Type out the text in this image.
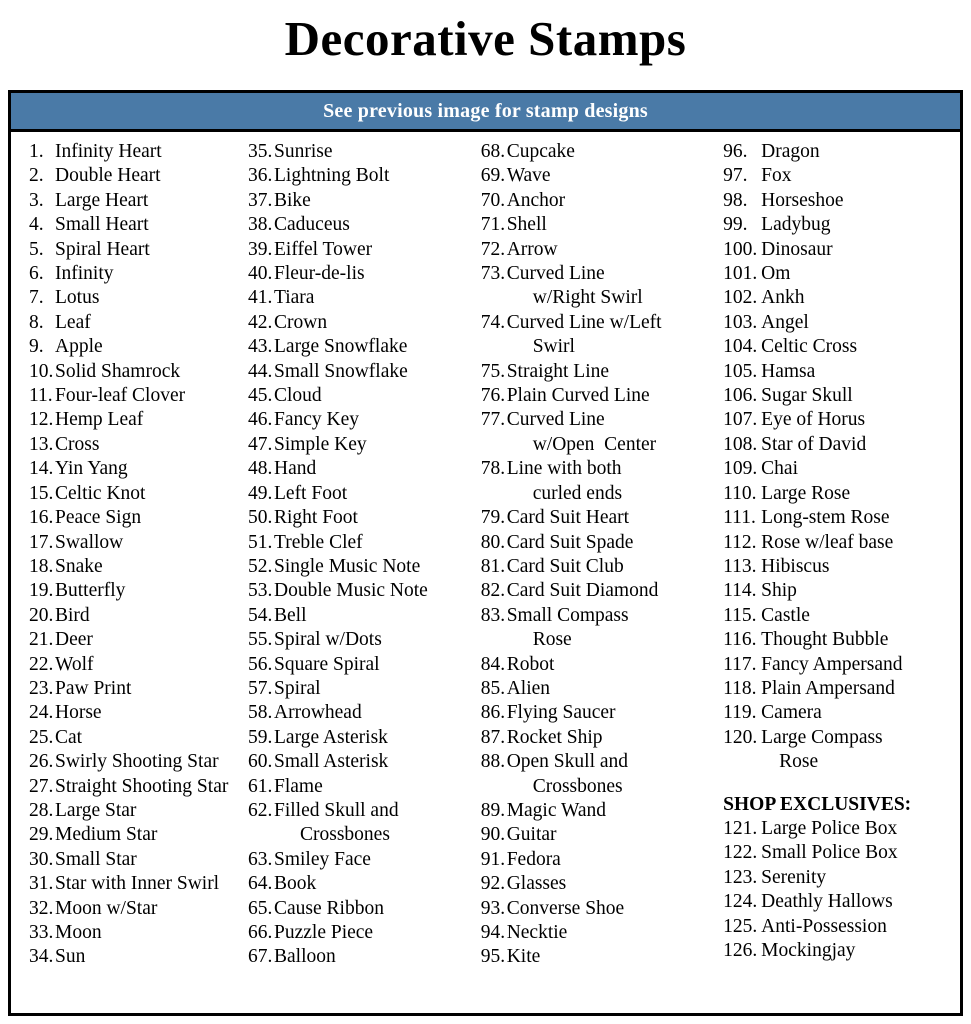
Decorative Stamps
See previous image for stamp designs
1. Infinity Heart
2. Double Heart
3. Large Heart
4. Small Heart
5. Spiral Heart
6. Infinity
7. Lotus
8. Leaf
9. Apple
10.Solid Shamrock
11. Four-leaf Clover
12.Hemp Leaf
13.Cross
14.Yin Yang
15.Celtic Knot
16.Peace Sign
17.Swallow
18.Snake
19.Butterfly
20.Bird
21.Deer
22.Wolf
23.Paw Print
24.Horse
25.Cat
26.Swirly Shooting Star
27.Straight Shooting Star
28.Large Star
29.Medium Star
30.Small Star
31.Star with Inner Swirl
32.Moon w/Star
33.Moon
34.Sun
35.Sunrise
36.Lightning Bolt
37.Bike
38.Caduceus
39.Eiffel Tower
40.Fleur-de-lis
41.Tiara
42.Crown
43.Large Snowflake
44.Small Snowflake
45.Cloud
46.Fancy Key
47.Simple Key
48.Hand
49.Left Foot
50.Right Foot
51.Treble Clef
52.Single Music Note
53.Double Music Note
54.Bell
55.Spiral w/Dots
56.Square Spiral
57.Spiral
58.Arrowhead
59.Large Asterisk
60.Small Asterisk
61.Flame
62.Filled Skull and
Crossbones
63.Smiley Face
64.Book
65.Cause Ribbon
66.Puzzle Piece
67.Balloon
68.Cupcake
69.Wave
70.Anchor
71.Shell
72.Arrow
73.Curved Line
w/Right Swirl
74.Curved Line w/Left
Swirl
75.Straight Line
76.Plain Curved Line
77.Curved Line
w/Open  Center
78.Line with both
curled ends
79.Card Suit Heart
80.Card Suit Spade
81.Card Suit Club
82.Card Suit Diamond
83.Small Compass
Rose
84.Robot
85.Alien
86.Flying Saucer
87.Rocket Ship
88.Open Skull and
Crossbones
89.Magic Wand
90.Guitar
91.Fedora
92.Glasses
93.Converse Shoe
94.Necktie
95.Kite
96. Dragon
97. Fox
98. Horseshoe
99. Ladybug
100. Dinosaur
101. Om
102. Ankh
103. Angel
104. Celtic Cross
105. Hamsa
106. Sugar Skull
107. Eye of Horus
108. Star of David
109. Chai
110. Large Rose
111. Long-stem Rose
112. Rose w/leaf base
113. Hibiscus
114. Ship
115. Castle
116. Thought Bubble
117. Fancy Ampersand
118. Plain Ampersand
119. Camera
120. Large Compass
Rose
SHOP EXCLUSIVES:
121. Large Police Box
122. Small Police Box
123. Serenity
124. Deathly Hallows
125. Anti-Possession
126. Mockingjay
